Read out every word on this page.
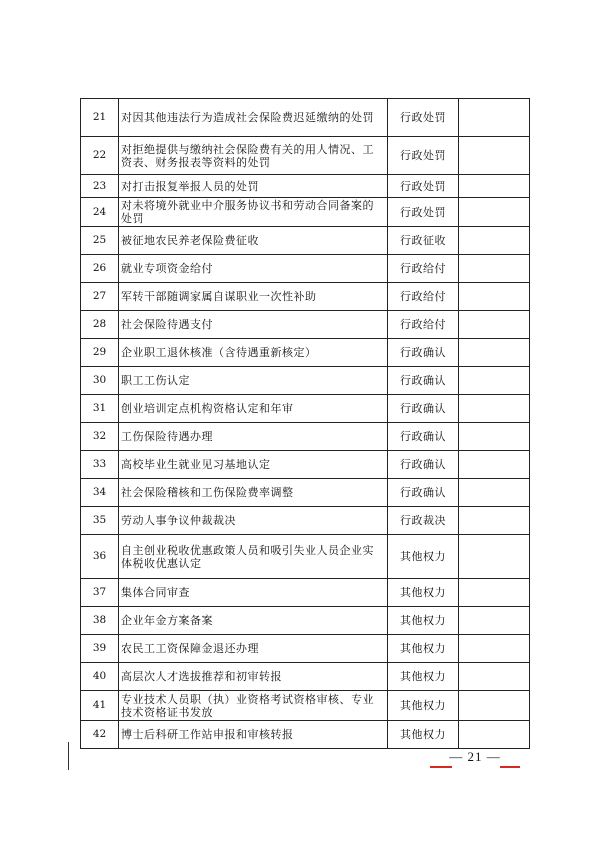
21	对因其他违法行为造成社会保险费迟延缴纳的处罚	行政处罚	
22	对拒绝提供与缴纳社会保险费有关的用人情况、工资表、财务报表等资料的处罚	行政处罚	
23	对打击报复举报人员的处罚	行政处罚	
24	对未将境外就业中介服务协议书和劳动合同备案的处罚	行政处罚	
25	被征地农民养老保险费征收	行政征收	
26	就业专项资金给付	行政给付	
27	军转干部随调家属自谋职业一次性补助	行政给付	
28	社会保险待遇支付	行政给付	
29	企业职工退休核准（含待遇重新核定）	行政确认	
30	职工工伤认定	行政确认	
31	创业培训定点机构资格认定和年审	行政确认	
32	工伤保险待遇办理	行政确认	
33	高校毕业生就业见习基地认定	行政确认	
34	社会保险稽核和工伤保险费率调整	行政确认	
35	劳动人事争议仲裁裁决	行政裁决	
36	自主创业税收优惠政策人员和吸引失业人员企业实体税收优惠认定	其他权力	
37	集体合同审查	其他权力	
38	企业年金方案备案	其他权力	
39	农民工工资保障金退还办理	其他权力	
40	高层次人才选拔推荐和初审转报	其他权力	
41	专业技术人员职（执）业资格考试资格审核、专业技术资格证书发放	其他权力	
42	博士后科研工作站申报和审核转报	其他权力	
— 21 —
